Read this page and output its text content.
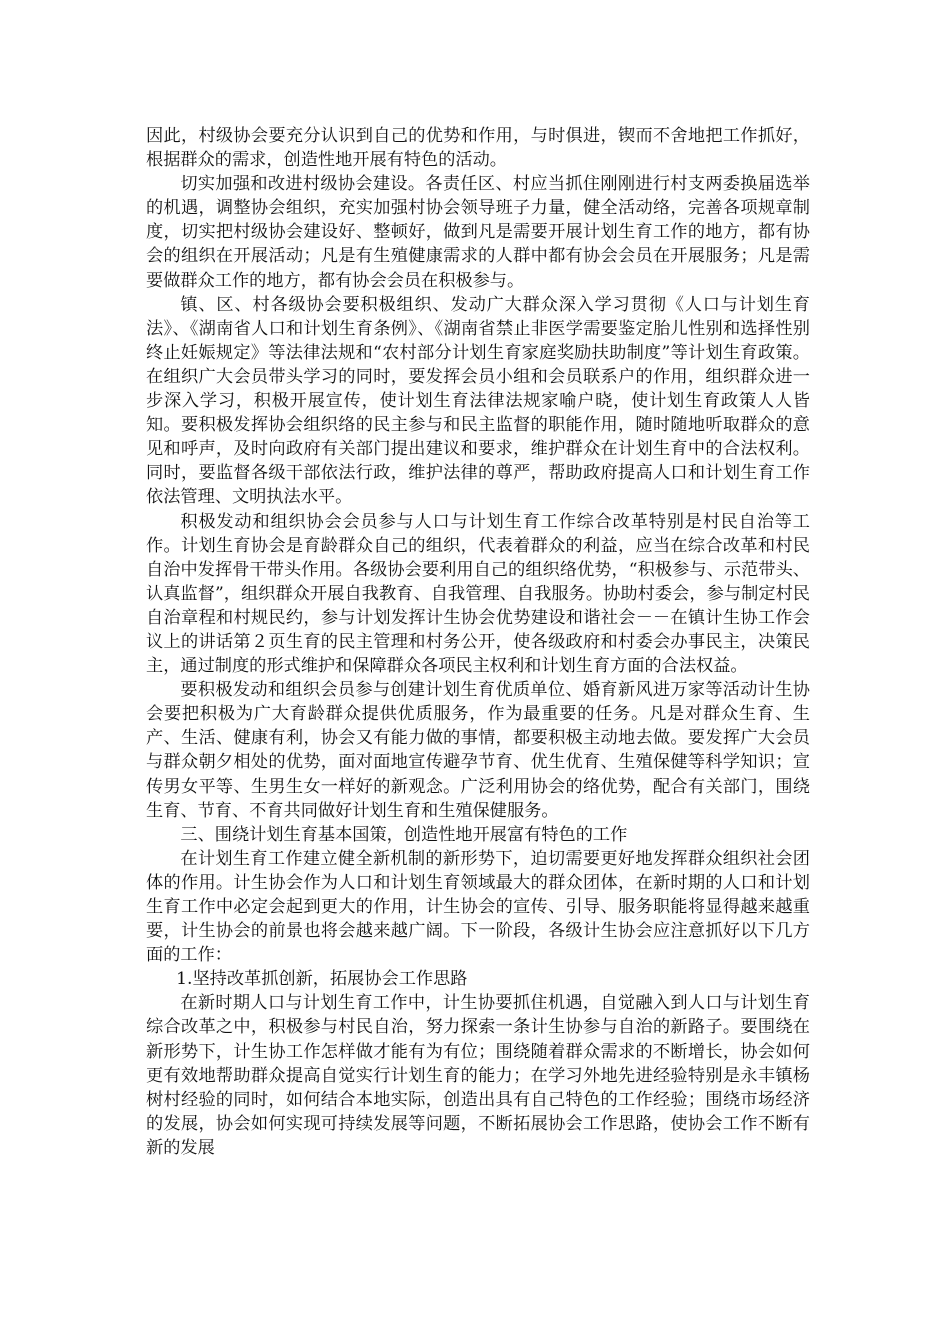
因此，村级协会要充分认识到自己的优势和作用，与时俱进，锲而不舍地把工作抓好，根据群众的需求，创造性地开展有特色的活动。

切实加强和改进村级协会建设。各责任区、村应当抓住刚刚进行村支两委换届选举的机遇，调整协会组织，充实加强村协会领导班子力量，健全活动络，完善各项规章制度，切实把村级协会建设好、整顿好，做到凡是需要开展计划生育工作的地方，都有协会的组织在开展活动；凡是有生殖健康需求的人群中都有协会会员在开展服务；凡是需要做群众工作的地方，都有协会会员在积极参与。

镇、区、村各级协会要积极组织、发动广大群众深入学习贯彻《人口与计划生育法》、《湖南省人口和计划生育条例》、《湖南省禁止非医学需要鉴定胎儿性别和选择性别终止妊娠规定》等法律法规和“农村部分计划生育家庭奖励扶助制度”等计划生育政策。在组织广大会员带头学习的同时，要发挥会员小组和会员联系户的作用，组织群众进一步深入学习，积极开展宣传，使计划生育法律法规家喻户晓，使计划生育政策人人皆知。要积极发挥协会组织络的民主参与和民主监督的职能作用，随时随地听取群众的意见和呼声，及时向政府有关部门提出建议和要求，维护群众在计划生育中的合法权利。同时，要监督各级干部依法行政，维护法律的尊严，帮助政府提高人口和计划生育工作依法管理、文明执法水平。

积极发动和组织协会会员参与人口与计划生育工作综合改革特别是村民自治等工作。计划生育协会是育龄群众自己的组织，代表着群众的利益，应当在综合改革和村民自治中发挥骨干带头作用。各级协会要利用自己的组织络优势，“积极参与、示范带头、认真监督”，组织群众开展自我教育、自我管理、自我服务。协助村委会，参与制定村民自治章程和村规民约，参与计划发挥计生协会优势建设和谐社会－－在镇计生协工作会议上的讲话第２页生育的民主管理和村务公开，使各级政府和村委会办事民主，决策民主，通过制度的形式维护和保障群众各项民主权利和计划生育方面的合法权益。

要积极发动和组织会员参与创建计划生育优质单位、婚育新风进万家等活动计生协会要把积极为广大育龄群众提供优质服务，作为最重要的任务。凡是对群众生育、生产、生活、健康有利，协会又有能力做的事情，都要积极主动地去做。要发挥广大会员与群众朝夕相处的优势，面对面地宣传避孕节育、优生优育、生殖保健等科学知识；宣传男女平等、生男生女一样好的新观念。广泛利用协会的络优势，配合有关部门，围绕生育、节育、不育共同做好计划生育和生殖保健服务。

三、围绕计划生育基本国策，创造性地开展富有特色的工作

在计划生育工作建立健全新机制的新形势下，迫切需要更好地发挥群众组织社会团体的作用。计生协会作为人口和计划生育领域最大的群众团体，在新时期的人口和计划生育工作中必定会起到更大的作用，计生协会的宣传、引导、服务职能将显得越来越重要，计生协会的前景也将会越来越广阔。下一阶段，各级计生协会应注意抓好以下几方面的工作：

1.坚持改革抓创新，拓展协会工作思路

在新时期人口与计划生育工作中，计生协要抓住机遇，自觉融入到人口与计划生育综合改革之中，积极参与村民自治，努力探索一条计生协参与自治的新路子。要围绕在新形势下，计生协工作怎样做才能有为有位；围绕随着群众需求的不断增长，协会如何更有效地帮助群众提高自觉实行计划生育的能力；在学习外地先进经验特别是永丰镇杨树村经验的同时，如何结合本地实际，创造出具有自己特色的工作经验；围绕市场经济的发展，协会如何实现可持续发展等问题，不断拓展协会工作思路，使协会工作不断有新的发展
